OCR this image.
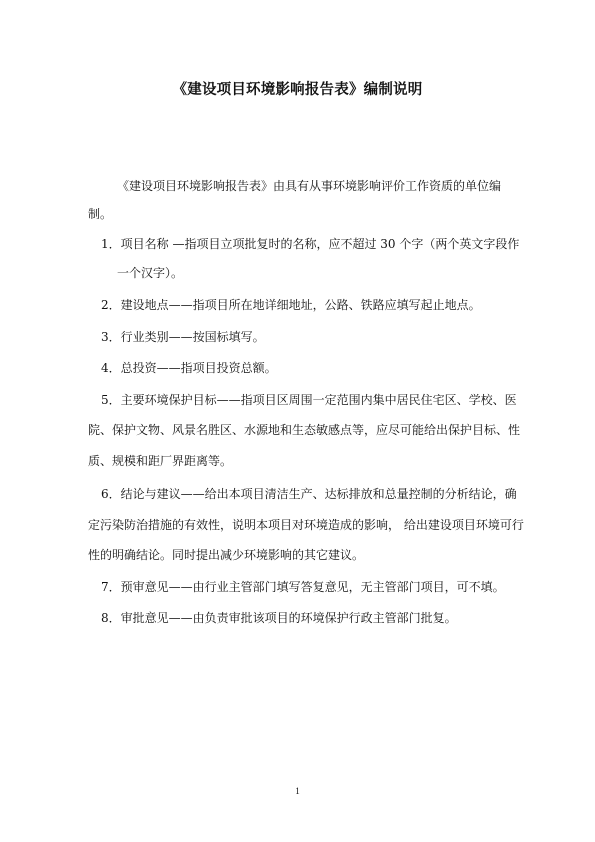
《建设项目环境影响报告表》编制说明
《建设项目环境影响报告表》由具有从事环境影响评价工作资质的单位编
制。
1．项目名称 —指项目立项批复时的名称，应不超过 30 个字（两个英文字段作
一个汉字）。
2．建设地点——指项目所在地详细地址，公路、铁路应填写起止地点。
3．行业类别——按国标填写。
4．总投资——指项目投资总额。
5．主要环境保护目标——指项目区周围一定范围内集中居民住宅区、学校、医
院、保护文物、风景名胜区、水源地和生态敏感点等，应尽可能给出保护目标、性
质、规模和距厂界距离等。
6．结论与建议——给出本项目清洁生产、达标排放和总量控制的分析结论，确
定污染防治措施的有效性，说明本项目对环境造成的影响， 给出建设项目环境可行
性的明确结论。同时提出减少环境影响的其它建议。
7．预审意见——由行业主管部门填写答复意见，无主管部门项目，可不填。
8．审批意见——由负责审批该项目的环境保护行政主管部门批复。
1
